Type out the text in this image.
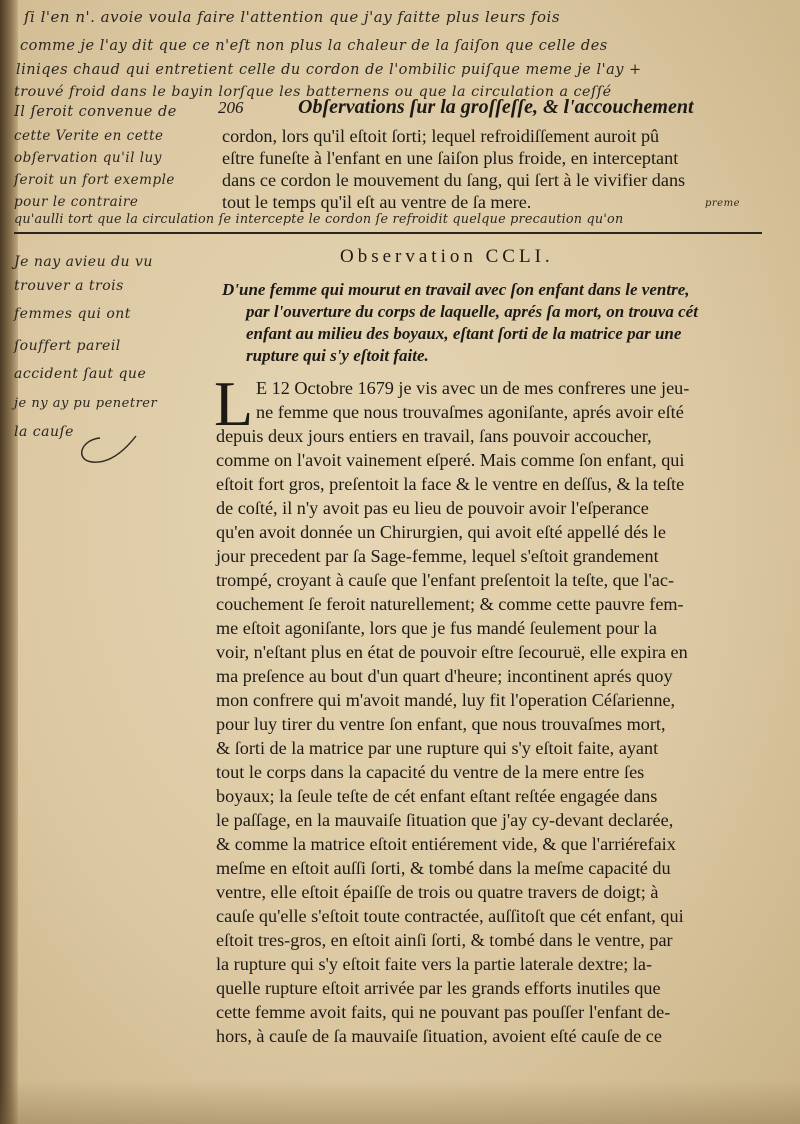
ſi l'en n'. avoie voula faire l'attention que j'ay faitte plus leurs fois
comme je l'ay dit que ce n'eſt non plus la chaleur de la ſaiſon que celle des
liniqes chaud qui entretient celle du cordon de l'ombilic puiſque meme je l'ay +
trouvé froid dans le bayin lorſque les batternens ou que la circulation a ceſſé
Il ſeroit convenue de 206	Obſervations ſur la groſſeſſe, & l'accouchement
cette Verite en cette
obſervation qu'il luy
ſeroit un fort exemple
pour le contraire
cordon, lors qu'il eſtoit ſorti; lequel refroidiſſement auroit pû
eſtre funeſte à l'enfant en une ſaiſon plus froide, en interceptant
dans ce cordon le mouvement du ſang, qui ſert à le vivifier dans
tout le temps qu'il eſt au ventre de ſa mere.	preme
qu'aulli tort que la circulation ſe intercepte le cordon ſe refroidit quelque precaution qu'on
Observation CCLI.
Je nay avieu du vu
trouver a trois
femmes qui ont
ſouffert pareil
accident ſaut que
je ny ay pu penetrer
la cauſe
D'une femme qui mourut en travail avec ſon enfant dans le ventre,
par l'ouverture du corps de laquelle, aprés ſa mort, on trouva cét
enfant au milieu des boyaux, eſtant ſorti de la matrice par une
rupture qui s'y eſtoit faite.
L E 12 Octobre 1679 je vis avec un de mes confreres une jeu-
ne femme que nous trouvaſmes agoniſante, aprés avoir eſté
depuis deux jours entiers en travail, ſans pouvoir accoucher,
comme on l'avoit vainement eſperé. Mais comme ſon enfant, qui
eſtoit fort gros, preſentoit la face & le ventre en deſſus, & la teſte
de coſté, il n'y avoit pas eu lieu de pouvoir avoir l'eſperance
qu'en avoit donnée un Chirurgien, qui avoit eſté appellé dés le
jour precedent par ſa Sage-femme, lequel s'eſtoit grandement
trompé, croyant à cauſe que l'enfant preſentoit la teſte, que l'ac-
couchement ſe feroit naturellement; & comme cette pauvre fem-
me eſtoit agoniſante, lors que je fus mandé ſeulement pour la
voir, n'eſtant plus en état de pouvoir eſtre ſecouruë, elle expira en
ma preſence au bout d'un quart d'heure; incontinent aprés quoy
mon confrere qui m'avoit mandé, luy fit l'operation Céſarienne,
pour luy tirer du ventre ſon enfant, que nous trouvaſmes mort,
& ſorti de la matrice par une rupture qui s'y eſtoit faite, ayant
tout le corps dans la capacité du ventre de la mere entre ſes
boyaux; la ſeule teſte de cét enfant eſtant reſtée engagée dans
le paſſage, en la mauvaiſe ſituation que j'ay cy-devant declarée,
& comme la matrice eſtoit entiérement vide, & que l'arriérefaix
meſme en eſtoit auſſi ſorti, & tombé dans la meſme capacité du
ventre, elle eſtoit épaiſſe de trois ou quatre travers de doigt; à
cauſe qu'elle s'eſtoit toute contractée, auſſitoſt que cét enfant, qui
eſtoit tres-gros, en eſtoit ainſi ſorti, & tombé dans le ventre, par
la rupture qui s'y eſtoit faite vers la partie laterale dextre; la-
quelle rupture eſtoit arrivée par les grands efforts inutiles que
cette femme avoit faits, qui ne pouvant pas pouſſer l'enfant de-
hors, à cauſe de ſa mauvaiſe ſituation, avoient eſté cauſe de ce
